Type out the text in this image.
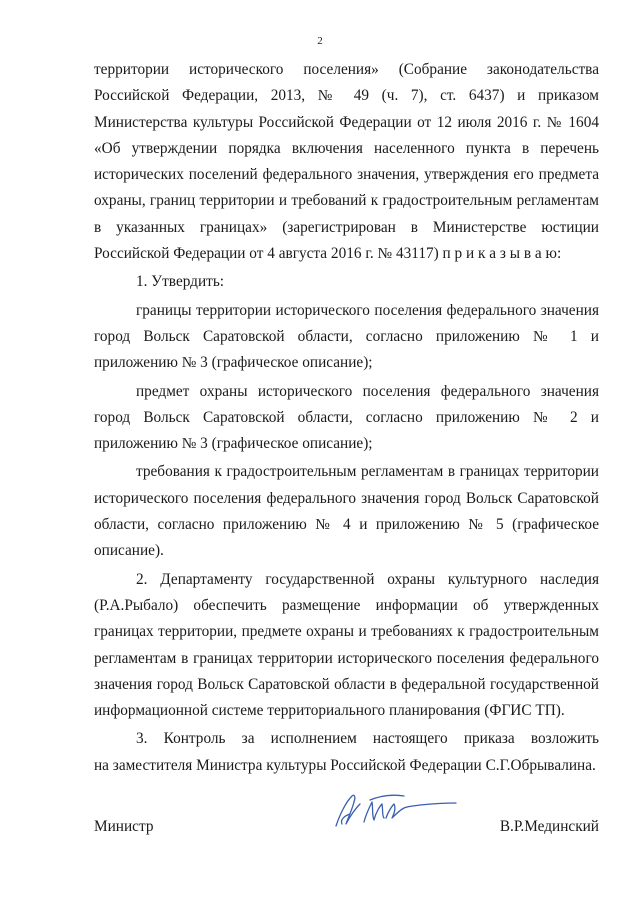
2
территории исторического поселения» (Собрание законодательства
Российской Федерации, 2013, № 49 (ч. 7), ст. 6437) и приказом
Министерства культуры Российской Федерации от 12 июля 2016 г. № 1604
«Об утверждении порядка включения населенного пункта в перечень
исторических поселений федерального значения, утверждения его предмета
охраны, границ территории и требований к градостроительным регламентам
в указанных границах» (зарегистрирован в Министерстве юстиции
Российской Федерации от 4 августа 2016 г. № 43117) п р и к а з ы в а ю:
1. Утвердить:
границы территории исторического поселения федерального значения
город Вольск Саратовской области, согласно приложению № 1 и
приложению № 3 (графическое описание);
предмет охраны исторического поселения федерального значения
город Вольск Саратовской области, согласно приложению № 2 и
приложению № 3 (графическое описание);
требования к градостроительным регламентам в границах территории
исторического поселения федерального значения город Вольск Саратовской
области, согласно приложению № 4 и приложению № 5 (графическое
описание).
2. Департаменту государственной охраны культурного наследия
(Р.А.Рыбало) обеспечить размещение информации об утвержденных
границах территории, предмете охраны и требованиях к градостроительным
регламентам в границах территории исторического поселения федерального
значения город Вольск Саратовской области в федеральной государственной
информационной системе территориального планирования (ФГИС ТП).
3. Контроль за исполнением настоящего приказа возложить
на заместителя Министра культуры Российской Федерации С.Г.Обрывалина.
Министр	В.Р.Мединский
